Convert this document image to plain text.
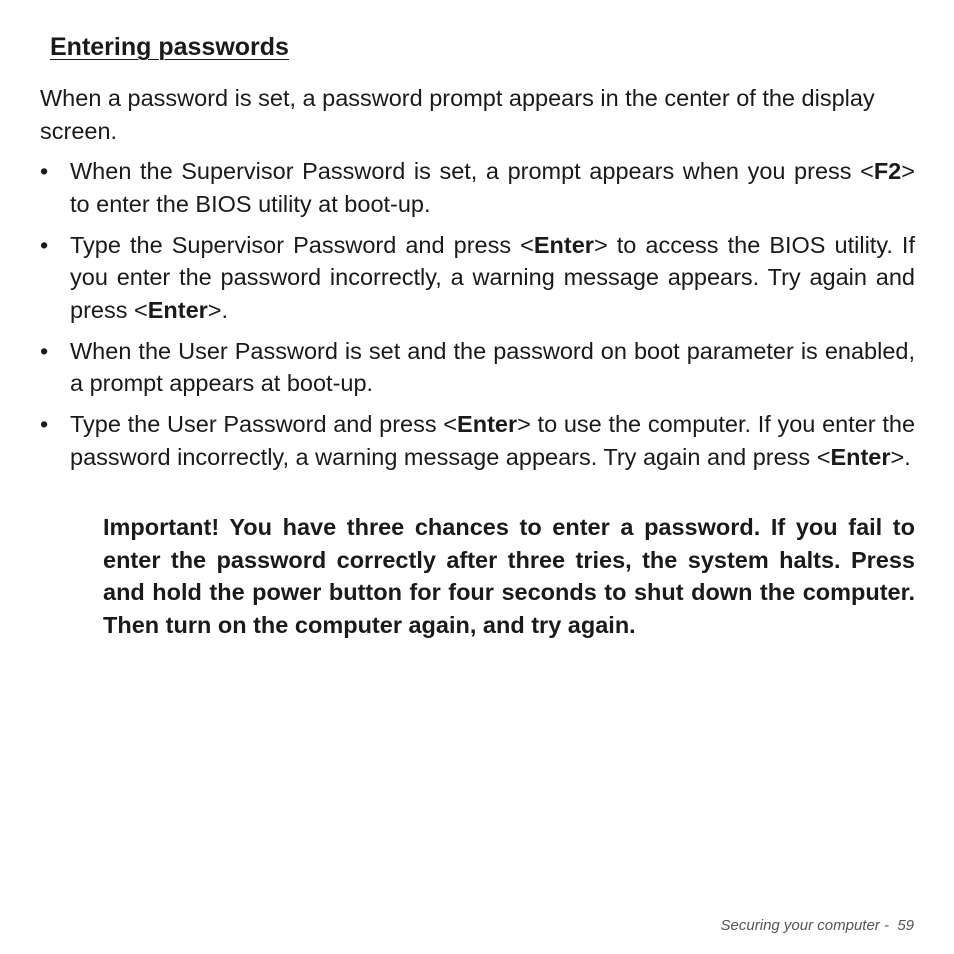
Entering passwords

When a password is set, a password prompt appears in the center of the display screen.

• When the Supervisor Password is set, a prompt appears when you press <F2> to enter the BIOS utility at boot-up.
• Type the Supervisor Password and press <Enter> to access the BIOS utility. If you enter the password incorrectly, a warning message appears. Try again and press <Enter>.
• When the User Password is set and the password on boot parameter is enabled, a prompt appears at boot-up.
• Type the User Password and press <Enter> to use the computer. If you enter the password incorrectly, a warning message appears. Try again and press <Enter>.

Important! You have three chances to enter a password. If you fail to enter the password correctly after three tries, the system halts. Press and hold the power button for four seconds to shut down the computer. Then turn on the computer again, and try again.

Securing your computer - 59
